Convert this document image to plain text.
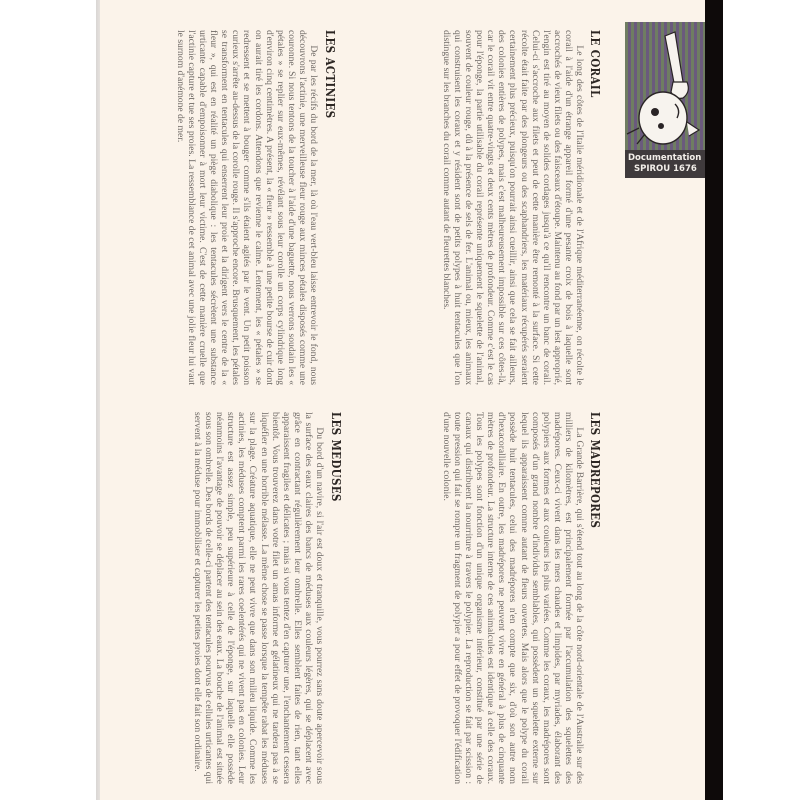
Documentation
SPIROU 1676
LE CORAIL

Le long des côtes de l'Italie méridionale et de l'Afrique méditerranéenne, on récolte le corail à l'aide d'un étrange appareil formé d'une pesante croix de bois à laquelle sont accrochés de vieux filets ou des faisceaux d'étoupe. Maintenu au fond par un lest approprié, l'engin est tiré au moyen de solides cordages jusqu'à ce qu'il rencontre un banc de corail. Celui-ci s'accroche aux filets et peut de cette manière être remonté à la surface. Si cette récolte était faite par des plongeurs ou des scaphandriers, les matériaux récupérés seraient certainement plus précieux, puisqu'on pourrait ainsi cueillir, ainsi que cela se fait ailleurs, des colonies entières de polypes, mais c'est malheureusement impossible sur ces côtes-là, car le corail vit entre quatre-vingts et deux cents mètres de profondeur. Comme c'est le cas pour l'éponge, la partie utilisable du corail représente uniquement le squelette de l'animal, souvent de couleur rouge, dû à la présence de sels de fer. L'animal ou, mieux, les animaux qui construisent les coraux et y résident sont de petits polypes à huit tentacules que l'on distingue sur les branches du corail comme autant de fleurettes blanches.

LES ACTINIES

De par les récifs du bord de la mer, là où l'eau vert-bleu laisse entrevoir le fond, nous découvrons l'actinie, une merveilleuse fleur rouge aux minces pétales disposés comme une couronne. Si nous tentons de la toucher à l'aide d'une baguette, nous verrons soudain les « pétales » se replier sur eux-mêmes, révélant sous leur corolle un corps cylindrique long d'environ cinq centimètres. A présent, la « fleur » ressemble à une petite bourse de cuir dont on aurait tiré les cordons. Attendons que revienne le calme. Lentement, les « pétales » se redressent et se mettent à bouger comme s'ils étaient agités par le vent. Un petit poisson curieux s'arrête au-dessus de la corolle rouge. Il s'approche encore. Brusquement, les pétales se transforment en tentacules qui enserrent leur proie et la dirigent vers le centre de la « fleur », qui est en réalité un piège diabolique : les tentacules sécrètent une substance urticante capable d'empoisonner à mort leur victime. C'est de cette manière cruelle que l'actinie capture et tue ses proies. La ressemblance de cet animal avec une jolie fleur lui vaut le surnom d'anémone de mer.

LES MADREPORES

La Grande Barrière, qui s'étend tout au long de la côte nord-orientale de l'Australie sur des milliers de kilomètres, est principalement formée par l'accumulation des squelettes des madrépores. Ceux-ci vivent dans les mers chaudes et limpides, par myriades, élaborant des polypiers aux formes et aux couleurs les plus variées. Comme les coraux, les madrépores sont composés d'un grand nombre d'individus semblables, qui possèdent un squelette externe sur lequel ils apparaissent comme autant de fleurs ouvertes. Mais alors que le polype du corail possède huit tentacules, celui des madrépores n'en compte que six, d'où son autre nom d'hexacoralliaire. En outre, les madrépores ne peuvent vivre en général à plus de cinquante mètres de profondeur. La structure interne de ces animalcules est identique à celle des coraux. Tous les polypes sont fonction d'un unique organisme intérieur, constitué par une série de canaux qui distribuent la nourriture à travers le polypier. La reproduction se fait par scission : toute pression qui fait se rompre un fragment de polypier a pour effet de provoquer l'édification d'une nouvelle colonie.

LES MEDUSES

Du bord d'un navire, si l'air est doux et tranquille, vous pourrez sans doute apercevoir sous la surface des eaux claires des bancs de méduses aux couleurs légères, qui se déplacent avec grâce en contractant régulièrement leur ombrelle. Elles semblent faites de rien, tant elles apparaissent fragiles et délicates ; mais si vous tentez d'en capturer une, l'enchantement cessera bientôt. Vous trouverez dans votre filet un amas informe et gélatineux qui ne tardera pas à se liquéfier en une horrible mélasse. La même chose se passe lorsque la tempête rabat les méduses sur la plage. Créature aquatique, elle ne peut vivre que dans son milieu liquide. Comme les actinies, les méduses comptent parmi les rares coelentérés qui ne vivent pas en colonies. Leur structure est assez simple, peu supérieure à celle de l'éponge, sur laquelle elle possède néanmoins l'avantage de pouvoir se déplacer au sein des eaux. La bouche de l'animal est située sous son ombrelle. Des bords de celle-ci partent des tentacules pourvus de cellules urticantes qui servent à la méduse pour immobiliser et capturer les petites proies dont elle fait son ordinaire.
